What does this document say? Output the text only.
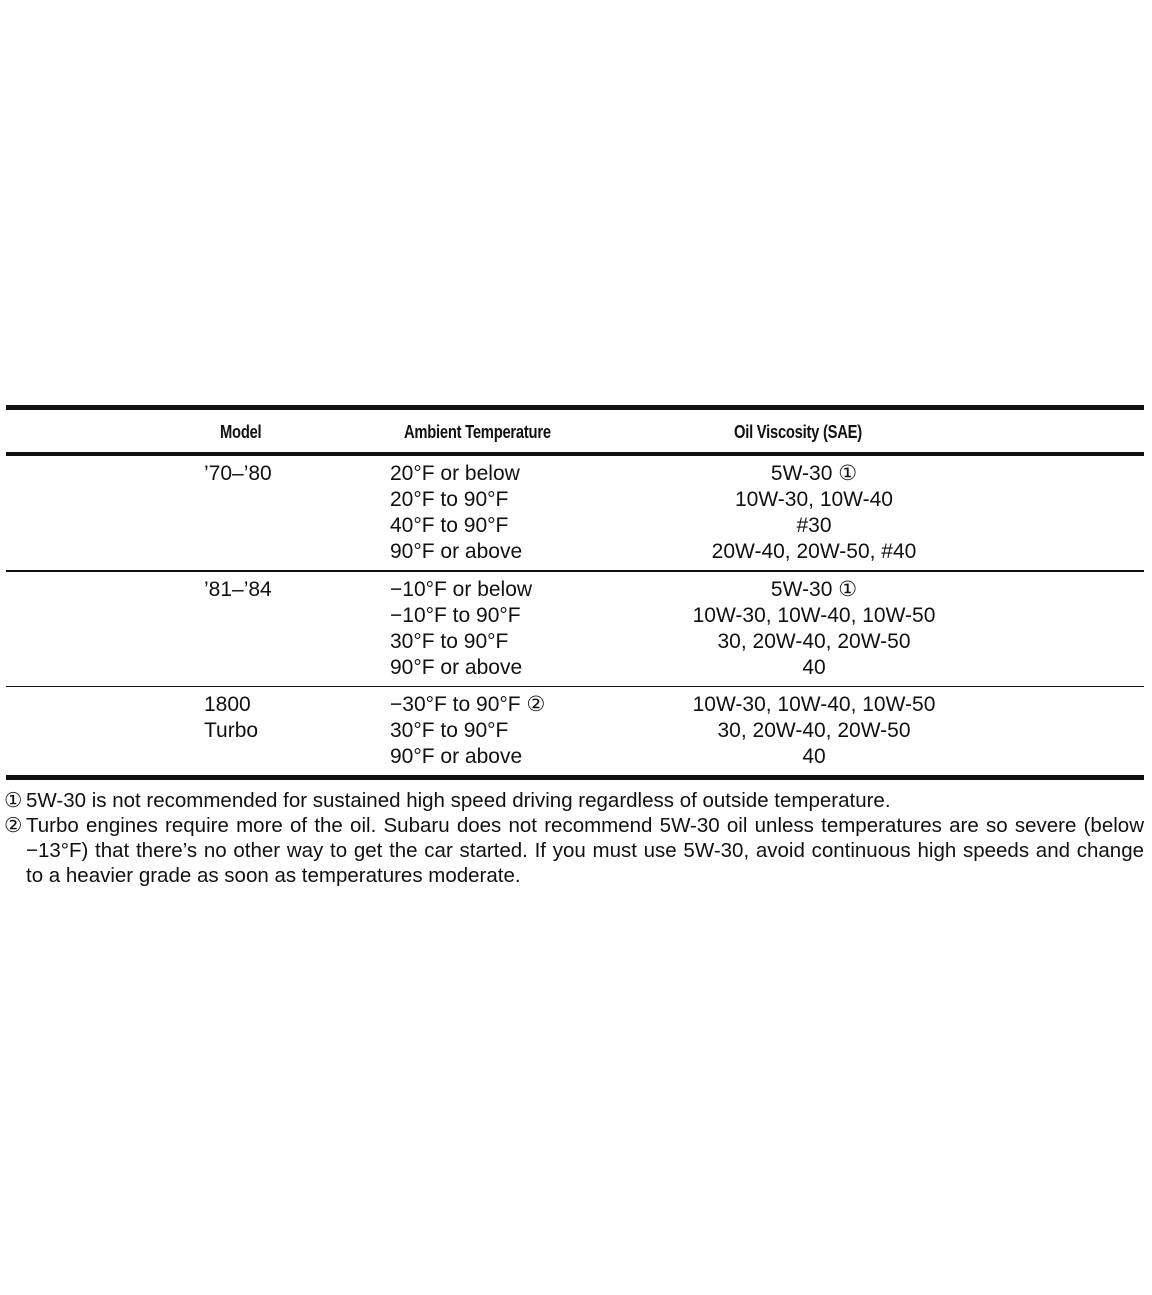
Model	Ambient Temperature	Oil Viscosity (SAE)
’70–’80	20°F or below	5W-30 ①
20°F to 90°F	10W-30, 10W-40
40°F to 90°F	#30
90°F or above	20W-40, 20W-50, #40
’81–’84	−10°F or below	5W-30 ①
−10°F to 90°F	10W-30, 10W-40, 10W-50
30°F to 90°F	30, 20W-40, 20W-50
90°F or above	40
1800	−30°F to 90°F ②	10W-30, 10W-40, 10W-50
Turbo	30°F to 90°F	30, 20W-40, 20W-50
90°F or above	40
① 5W-30 is not recommended for sustained high speed driving regardless of outside temperature.
② Turbo engines require more of the oil. Subaru does not recommend 5W-30 oil unless temperatures are so severe (below −13°F) that there’s no other way to get the car started. If you must use 5W-30, avoid continuous high speeds and change to a heavier grade as soon as temperatures moderate.
